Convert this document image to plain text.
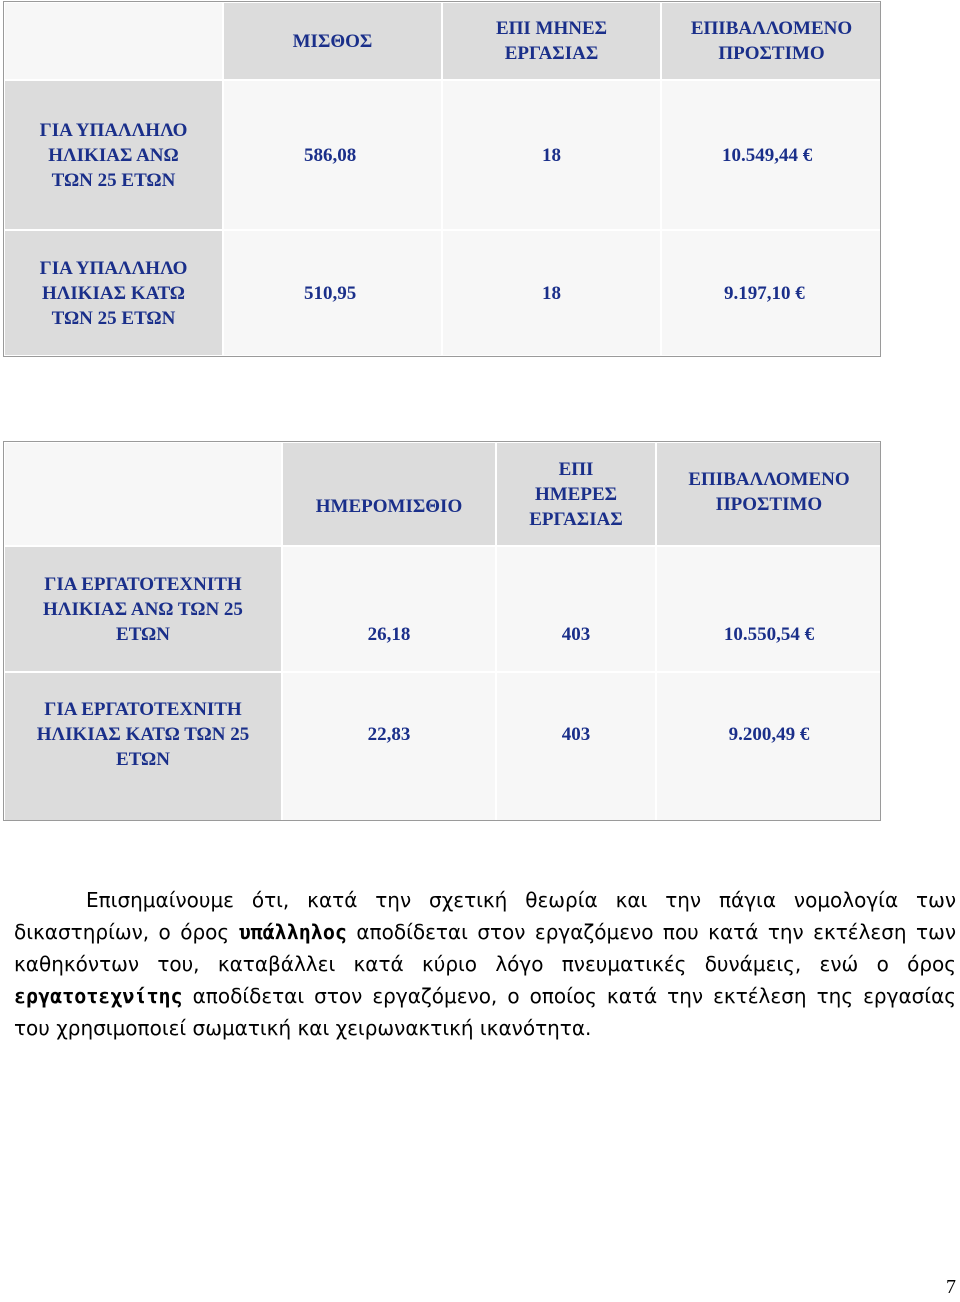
	ΜΙΣΘΟΣ	ΕΠΙ ΜΗΝΕΣ ΕΡΓΑΣΙΑΣ	ΕΠΙΒΑΛΛΟΜΕΝΟ ΠΡΟΣΤΙΜΟ
ΓΙΑ ΥΠΑΛΛΗΛΟ ΗΛΙΚΙΑΣ ΑΝΩ ΤΩΝ 25 ΕΤΩΝ	586,08	18	10.549,44 €
ΓΙΑ ΥΠΑΛΛΗΛΟ ΗΛΙΚΙΑΣ ΚΑΤΩ ΤΩΝ 25 ΕΤΩΝ	510,95	18	9.197,10 €
	ΗΜΕΡΟΜΙΣΘΙΟ	ΕΠΙ ΗΜΕΡΕΣ ΕΡΓΑΣΙΑΣ	ΕΠΙΒΑΛΛΟΜΕΝΟ ΠΡΟΣΤΙΜΟ
ΓΙΑ ΕΡΓΑΤΟΤΕΧΝΙΤΗ ΗΛΙΚΙΑΣ ΑΝΩ ΤΩΝ 25 ΕΤΩΝ	26,18	403	10.550,54 €
ΓΙΑ ΕΡΓΑΤΟΤΕΧΝΙΤΗ ΗΛΙΚΙΑΣ ΚΑΤΩ ΤΩΝ 25 ΕΤΩΝ	22,83	403	9.200,49 €

Επισημαίνουμε ότι, κατά την σχετική θεωρία και την πάγια νομολογία των δικαστηρίων, ο όρος υπάλληλος αποδίδεται στον εργαζόμενο που κατά την εκτέλεση των καθηκόντων του, καταβάλλει κατά κύριο λόγο πνευματικές δυνάμεις, ενώ ο όρος εργατοτεχνίτης αποδίδεται στον εργαζόμενο, ο οποίος κατά την εκτέλεση της εργασίας του χρησιμοποιεί σωματική και χειρωνακτική ικανότητα.

7
